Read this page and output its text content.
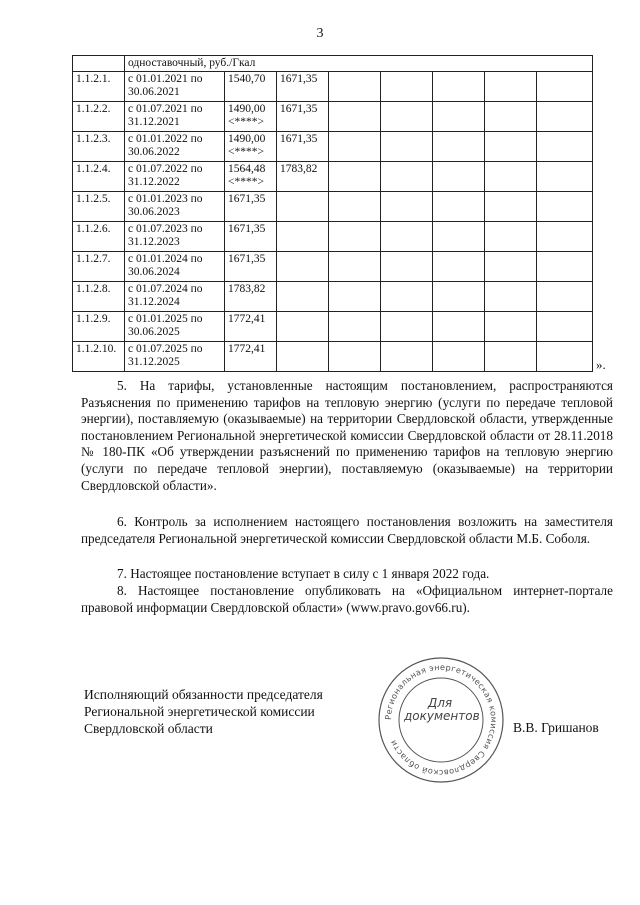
3
	одноставочный, руб./Гкал							
1.1.2.1.	с 01.01.2021 по 30.06.2021	1540,70	1671,35					
1.1.2.2.	с 01.07.2021 по 31.12.2021	1490,00 <****>	1671,35					
1.1.2.3.	с 01.01.2022 по 30.06.2022	1490,00 <****>	1671,35					
1.1.2.4.	с 01.07.2022 по 31.12.2022	1564,48 <****>	1783,82					
1.1.2.5.	с 01.01.2023 по 30.06.2023	1671,35						
1.1.2.6.	с 01.07.2023 по 31.12.2023	1671,35						
1.1.2.7.	с 01.01.2024 по 30.06.2024	1671,35						
1.1.2.8.	с 01.07.2024 по 31.12.2024	1783,82						
1.1.2.9.	с 01.01.2025 по 30.06.2025	1772,41						
1.1.2.10.	с 01.07.2025 по 31.12.2025	1772,41						
».

5. На тарифы, установленные настоящим постановлением, распространяются Разъяснения по применению тарифов на тепловую энергию (услуги по передаче тепловой энергии), поставляемую (оказываемые) на территории Свердловской области, утвержденные постановлением Региональной энергетической комиссии Свердловской области от 28.11.2018 № 180-ПК «Об утверждении разъяснений по применению тарифов на тепловую энергию (услуги по передаче тепловой энергии), поставляемую (оказываемые) на территории Свердловской области».

6. Контроль за исполнением настоящего постановления возложить на заместителя председателя Региональной энергетической комиссии Свердловской области М.Б. Соболя.

7. Настоящее постановление вступает в силу с 1 января 2022 года.

8. Настоящее постановление опубликовать на «Официальном интернет-портале правовой информации Свердловской области» (www.pravo.gov66.ru).

Исполняющий обязанности председателя
Региональной энергетической комиссии
Свердловской области
Региональная энергетическая комиссия Свердловской области
Для
документов
В.В. Гришанов
